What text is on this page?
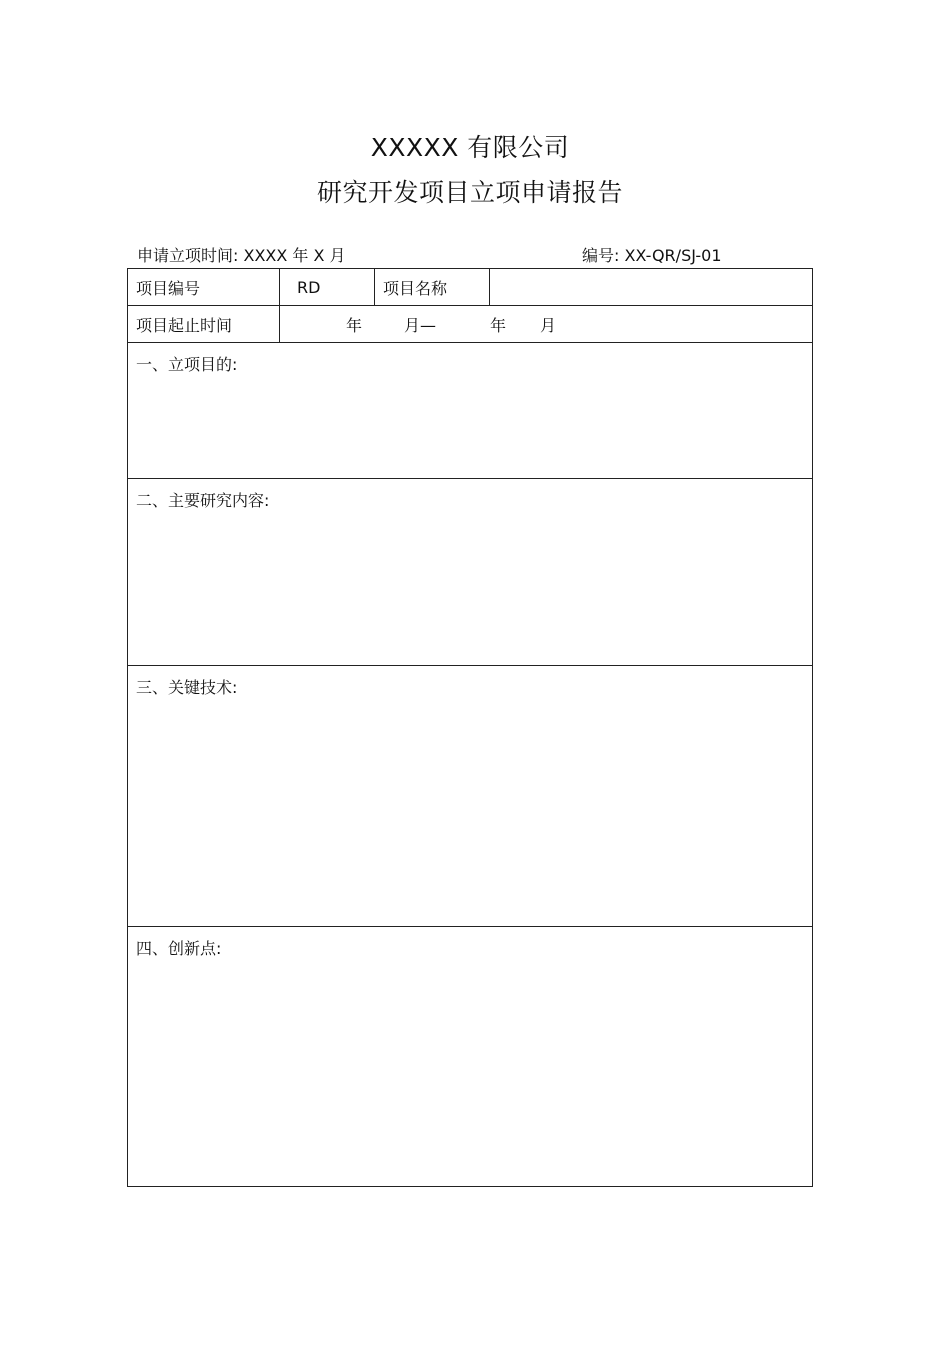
XXXXX 有限公司
研究开发项目立项申请报告
申请立项时间: XXXX 年 X 月	编号: XX-QR/SJ-01
项目编号	RD	项目名称	
项目起止时间	年 月— 年 月		
一、立项目的:			
二、主要研究内容:			
三、关键技术:			
四、创新点:			
